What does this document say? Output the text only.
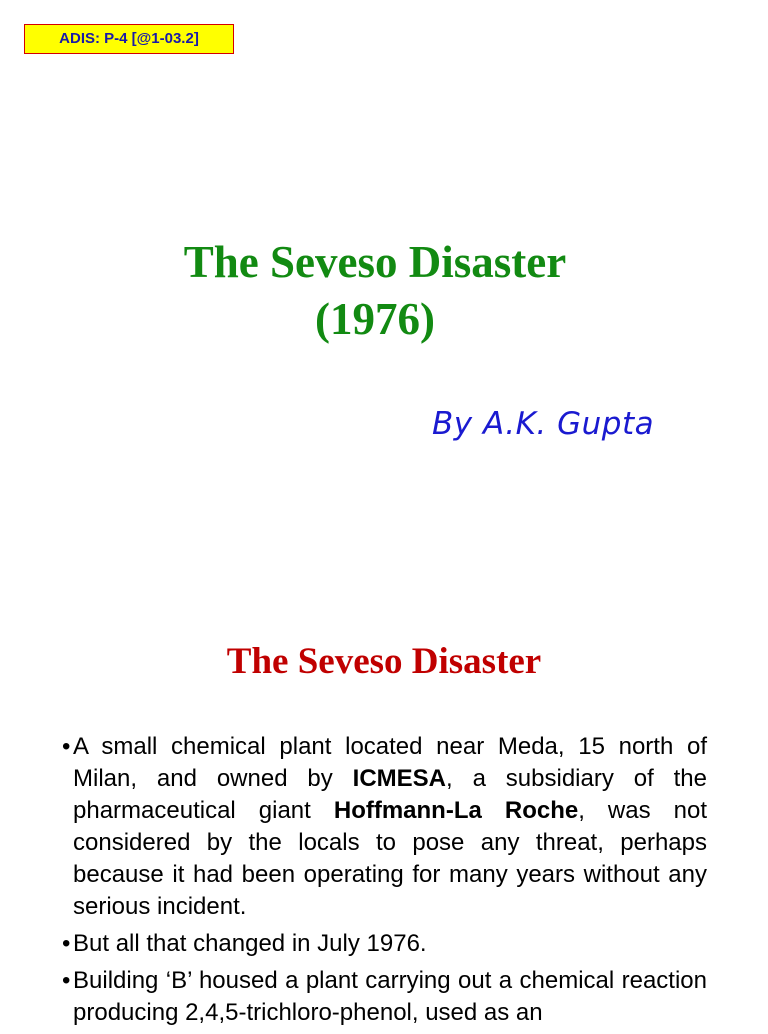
ADIS: P-4 [@1-03.2]
The Seveso Disaster
(1976)
By A.K. Gupta
The Seveso Disaster
• A small chemical plant located near Meda, 15 north of Milan, and owned by ICMESA, a subsidiary of the pharmaceutical giant Hoffmann-La Roche, was not considered by the locals to pose any threat, perhaps because it had been operating for many years without any serious incident.
• But all that changed in July 1976.
• Building ‘B’ housed a plant carrying out a chemical reaction producing 2,4,5-trichloro-phenol, used as an
